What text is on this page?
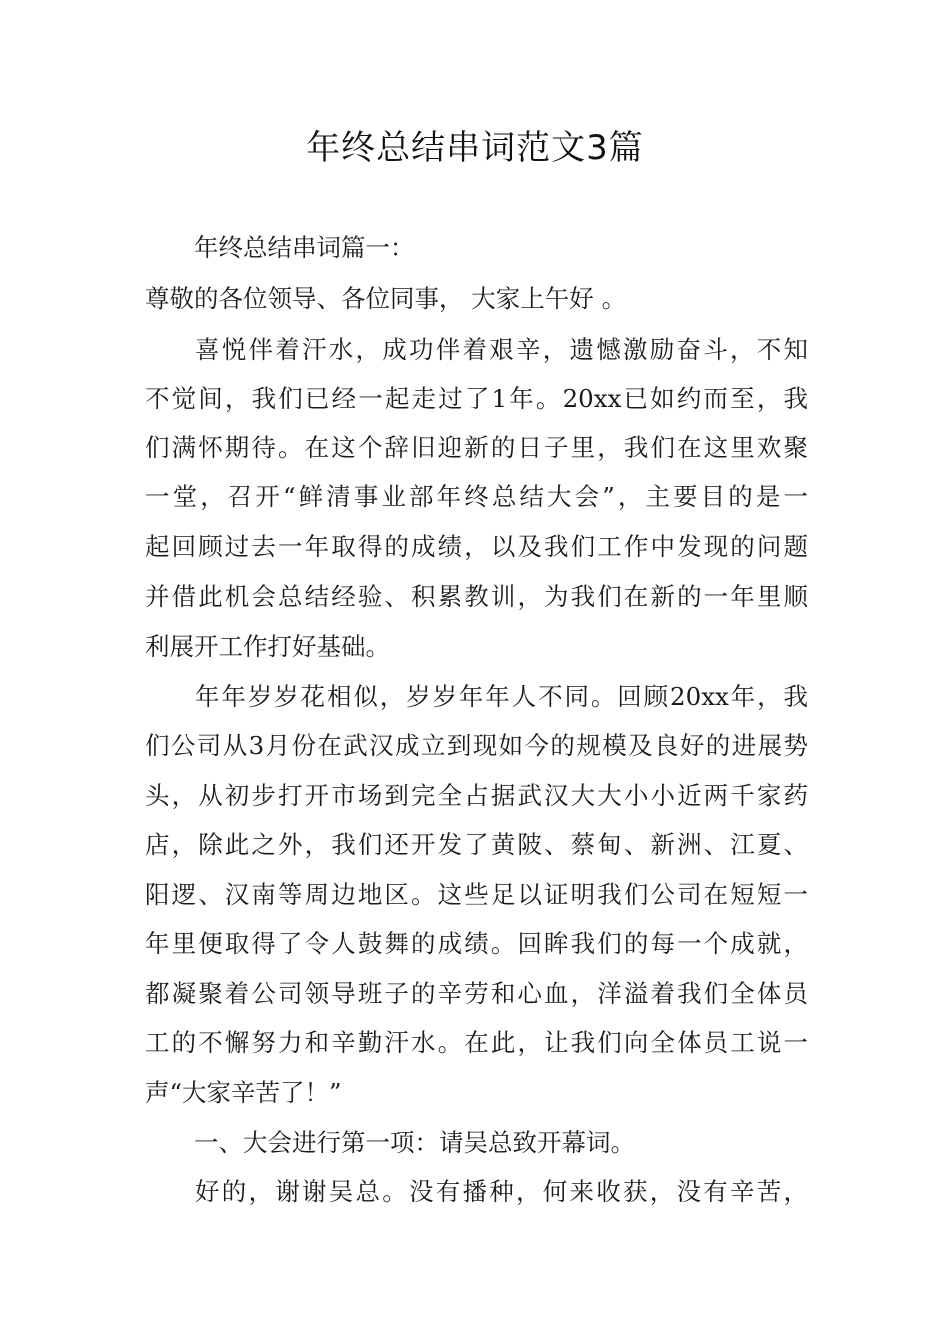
年终总结串词范文3篇
年终总结串词篇一：
尊敬的各位领导、各位同事， 大家上午好 。
喜悦伴着汗水，成功伴着艰辛，遗憾激励奋斗，不知
不觉间，我们已经一起走过了1年。20xx已如约而至，我
们满怀期待。在这个辞旧迎新的日子里，我们在这里欢聚
一堂，召开“鲜清事业部年终总结大会”，主要目的是一
起回顾过去一年取得的成绩，以及我们工作中发现的问题
并借此机会总结经验、积累教训，为我们在新的一年里顺
利展开工作打好基础。
年年岁岁花相似，岁岁年年人不同。回顾20xx年，我
们公司从3月份在武汉成立到现如今的规模及良好的进展势
头，从初步打开市场到完全占据武汉大大小小近两千家药
店，除此之外，我们还开发了黄陂、蔡甸、新洲、江夏、
阳逻、汉南等周边地区。这些足以证明我们公司在短短一
年里便取得了令人鼓舞的成绩。回眸我们的每一个成就，
都凝聚着公司领导班子的辛劳和心血，洋溢着我们全体员
工的不懈努力和辛勤汗水。在此，让我们向全体员工说一
声“大家辛苦了！”
一、大会进行第一项：请吴总致开幕词。
好的，谢谢吴总。没有播种，何来收获，没有辛苦，
